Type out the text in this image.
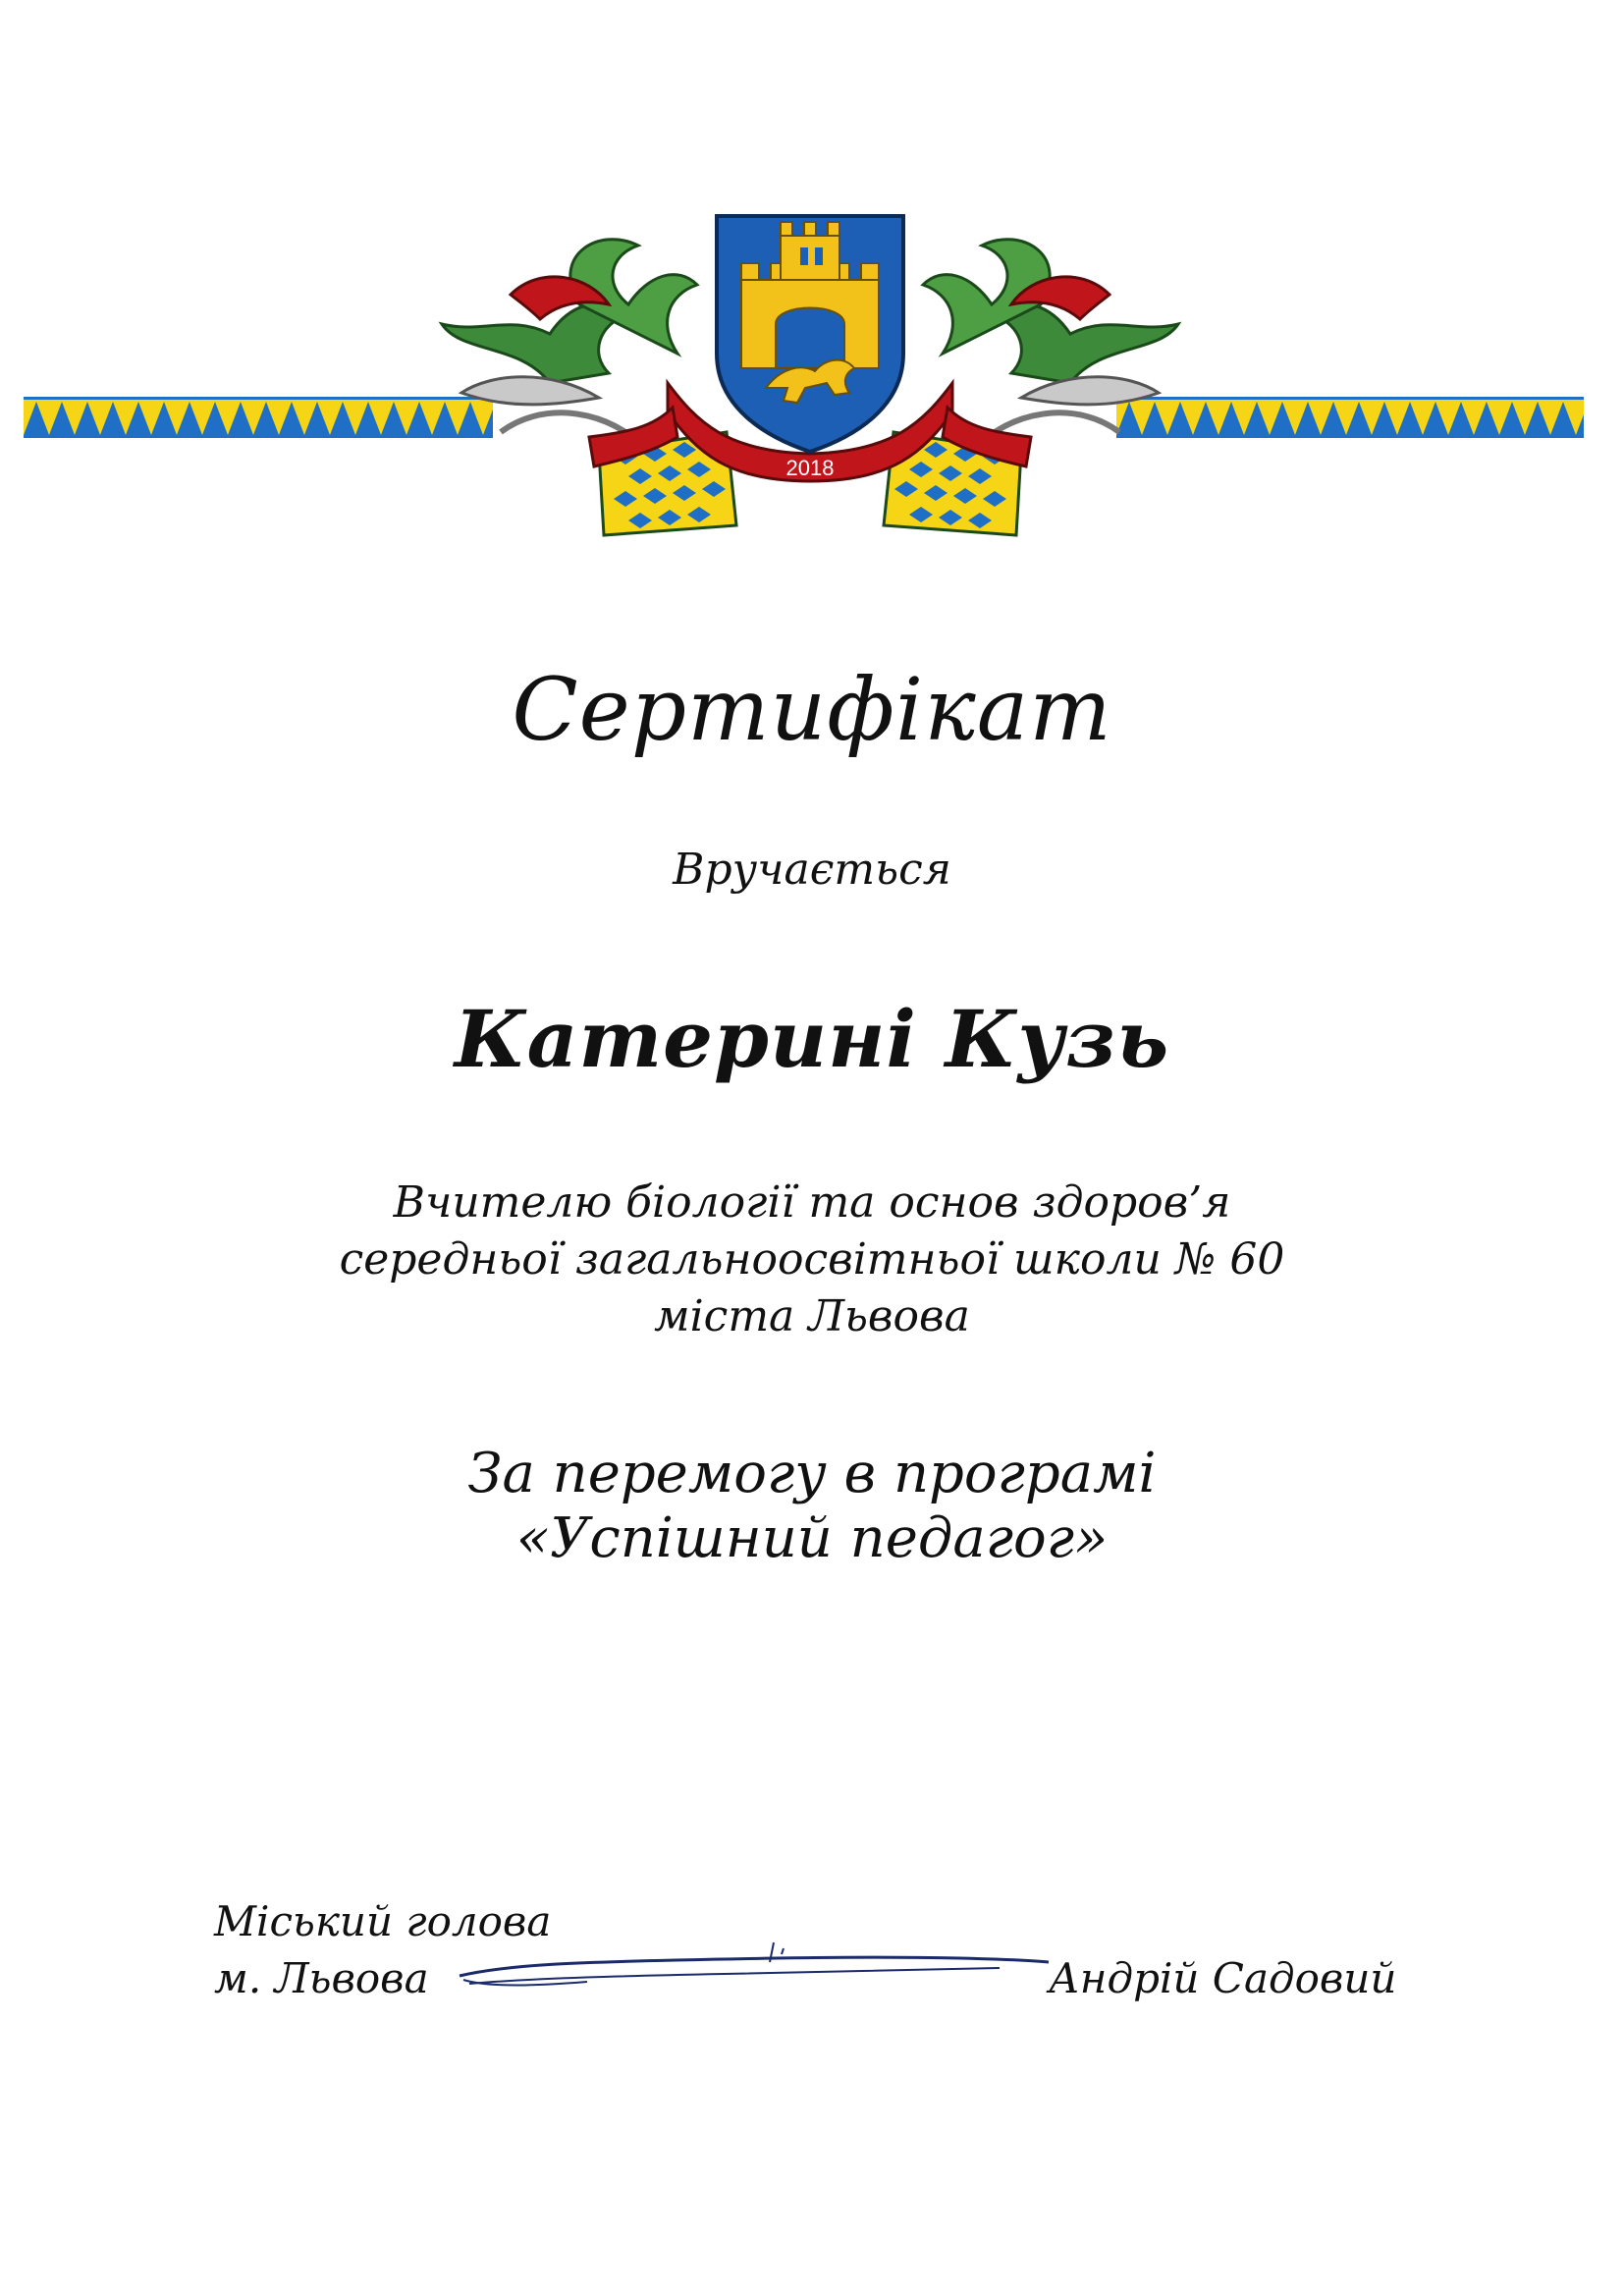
2018
Сертифікат
Вручається
Катерині Кузь
Вчителю біології та основ здоров’я
середньої загальноосвітньої школи № 60
міста Львова
За перемогу в програмі
«Успішний педагог»
Міський голова
м. Львова	Андрій Садовий
